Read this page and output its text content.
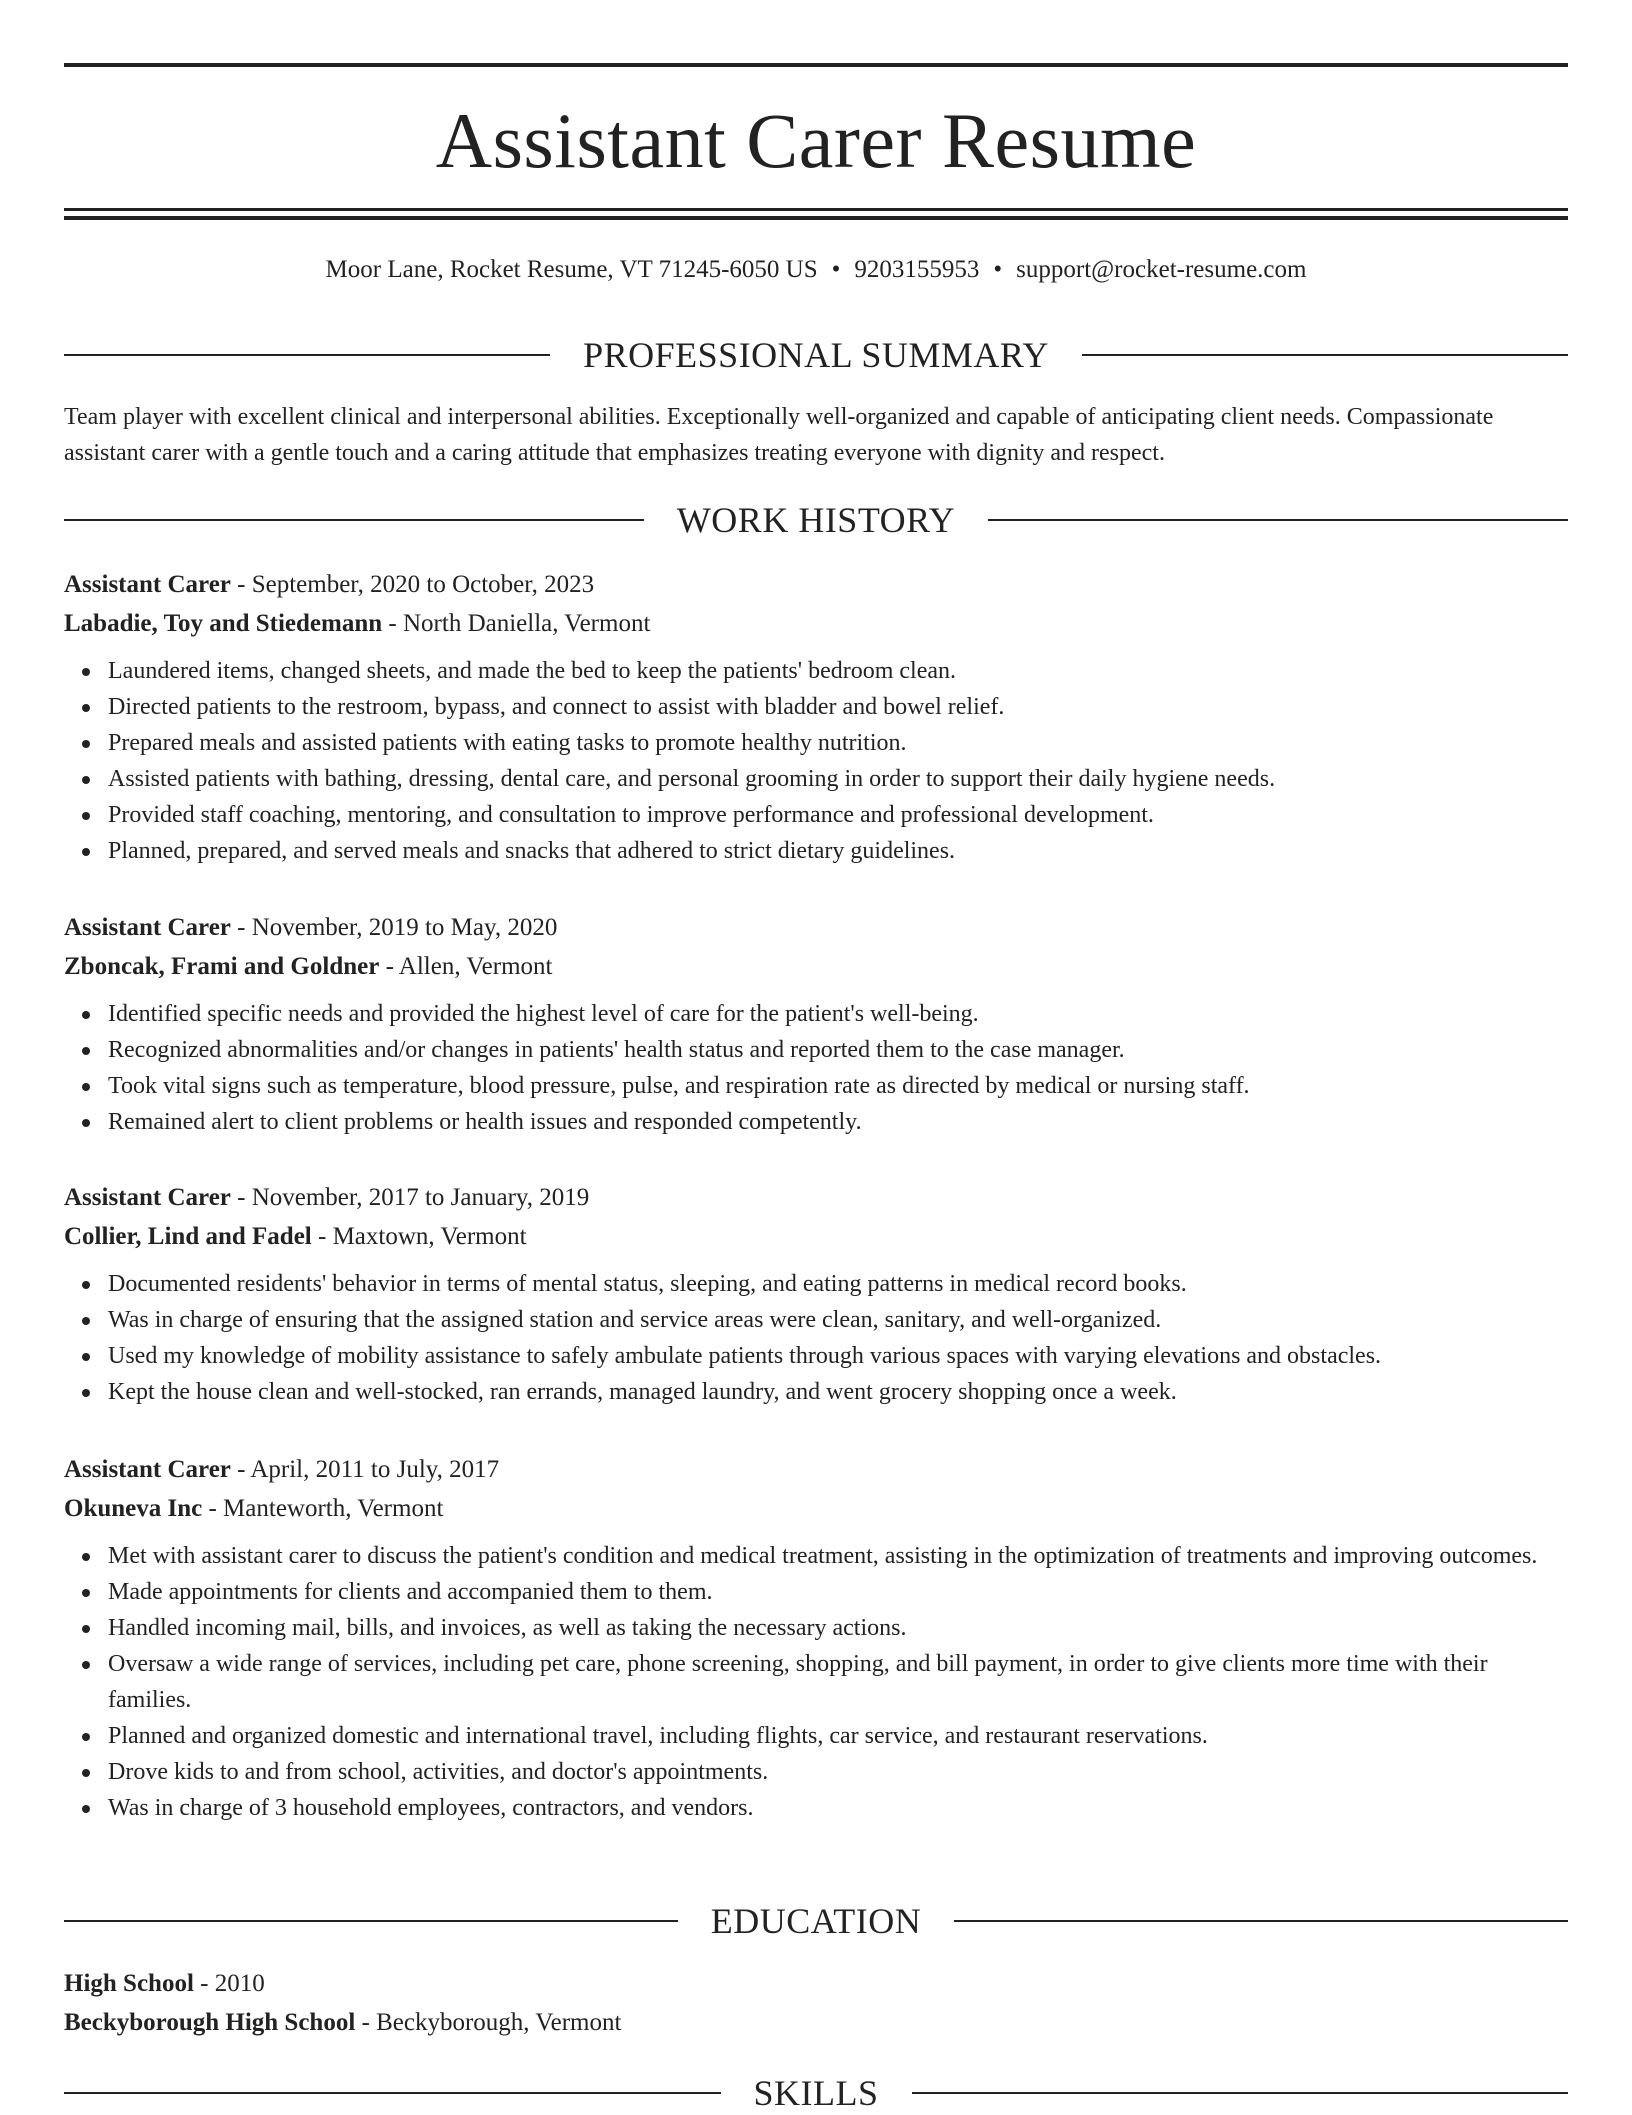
Assistant Carer Resume
Moor Lane, Rocket Resume, VT 71245-6050 US • 9203155953 • support@rocket-resume.com
PROFESSIONAL SUMMARY

Team player with excellent clinical and interpersonal abilities. Exceptionally well-organized and capable of anticipating client needs. Compassionate assistant carer with a gentle touch and a caring attitude that emphasizes treating everyone with dignity and respect.

WORK HISTORY
Assistant Carer - September, 2020 to October, 2023
Labadie, Toy and Stiedemann - North Daniella, Vermont
Laundered items, changed sheets, and made the bed to keep the patients' bedroom clean.
Directed patients to the restroom, bypass, and connect to assist with bladder and bowel relief.
Prepared meals and assisted patients with eating tasks to promote healthy nutrition.
Assisted patients with bathing, dressing, dental care, and personal grooming in order to support their daily hygiene needs.
Provided staff coaching, mentoring, and consultation to improve performance and professional development.
Planned, prepared, and served meals and snacks that adhered to strict dietary guidelines.
Assistant Carer - November, 2019 to May, 2020
Zboncak, Frami and Goldner - Allen, Vermont
Identified specific needs and provided the highest level of care for the patient's well-being.
Recognized abnormalities and/or changes in patients' health status and reported them to the case manager.
Took vital signs such as temperature, blood pressure, pulse, and respiration rate as directed by medical or nursing staff.
Remained alert to client problems or health issues and responded competently.
Assistant Carer - November, 2017 to January, 2019
Collier, Lind and Fadel - Maxtown, Vermont
Documented residents' behavior in terms of mental status, sleeping, and eating patterns in medical record books.
Was in charge of ensuring that the assigned station and service areas were clean, sanitary, and well-organized.
Used my knowledge of mobility assistance to safely ambulate patients through various spaces with varying elevations and obstacles.
Kept the house clean and well-stocked, ran errands, managed laundry, and went grocery shopping once a week.
Assistant Carer - April, 2011 to July, 2017
Okuneva Inc - Manteworth, Vermont
Met with assistant carer to discuss the patient's condition and medical treatment, assisting in the optimization of treatments and improving outcomes.
Made appointments for clients and accompanied them to them.
Handled incoming mail, bills, and invoices, as well as taking the necessary actions.
Oversaw a wide range of services, including pet care, phone screening, shopping, and bill payment, in order to give clients more time with their families.
Planned and organized domestic and international travel, including flights, car service, and restaurant reservations.
Drove kids to and from school, activities, and doctor's appointments.
Was in charge of 3 household employees, contractors, and vendors.
EDUCATION
High School - 2010
Beckyborough High School - Beckyborough, Vermont
SKILLS
